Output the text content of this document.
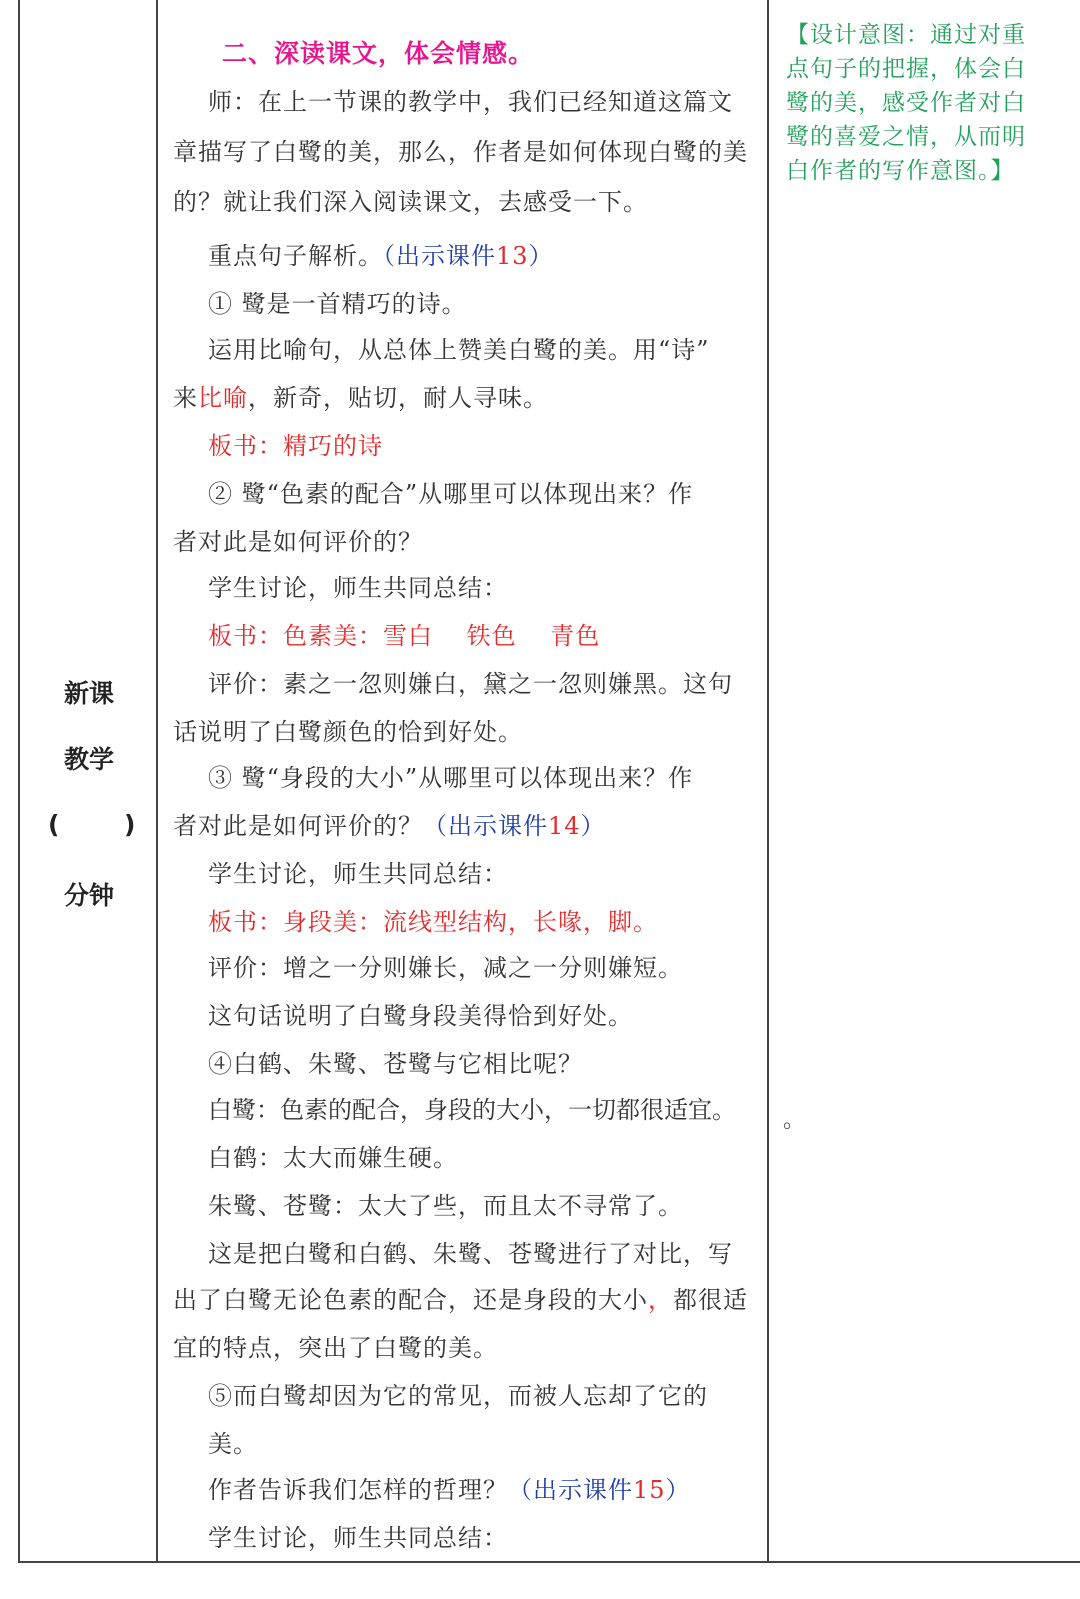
新课
教学
(	)
分钟
二、深读课文，体会情感。
师：在上一节课的教学中，我们已经知道这篇文
章描写了白鹭的美，那么，作者是如何体现白鹭的美
的？就让我们深入阅读课文，去感受一下。
重点句子解析。（出示课件13）
① 鹭是一首精巧的诗。
运用比喻句，从总体上赞美白鹭的美。用“诗”
来比喻，新奇，贴切，耐人寻味。
板书：精巧的诗
② 鹭“色素的配合”从哪里可以体现出来？作
者对此是如何评价的？
学生讨论，师生共同总结：
板书：色素美：雪白　 铁色　 青色
评价：素之一忽则嫌白，黛之一忽则嫌黑。这句
话说明了白鹭颜色的恰到好处。
③ 鹭“身段的大小”从哪里可以体现出来？作
者对此是如何评价的？（出示课件14）
学生讨论，师生共同总结：
板书：身段美：流线型结构，长喙，脚。
评价：增之一分则嫌长，减之一分则嫌短。
这句话说明了白鹭身段美得恰到好处。
④白鹤、朱鹭、苍鹭与它相比呢？
白鹭：色素的配合，身段的大小，一切都很适宜。
白鹤：太大而嫌生硬。
朱鹭、苍鹭：太大了些，而且太不寻常了。
这是把白鹭和白鹤、朱鹭、苍鹭进行了对比，写
出了白鹭无论色素的配合，还是身段的大小，都很适
宜的特点，突出了白鹭的美。
⑤而白鹭却因为它的常见，而被人忘却了它的
美。
作者告诉我们怎样的哲理？（出示课件15）
学生讨论，师生共同总结：
【设计意图：通过对重
点句子的把握，体会白
鹭的美，感受作者对白
鹭的喜爱之情，从而明
白作者的写作意图。】
。
